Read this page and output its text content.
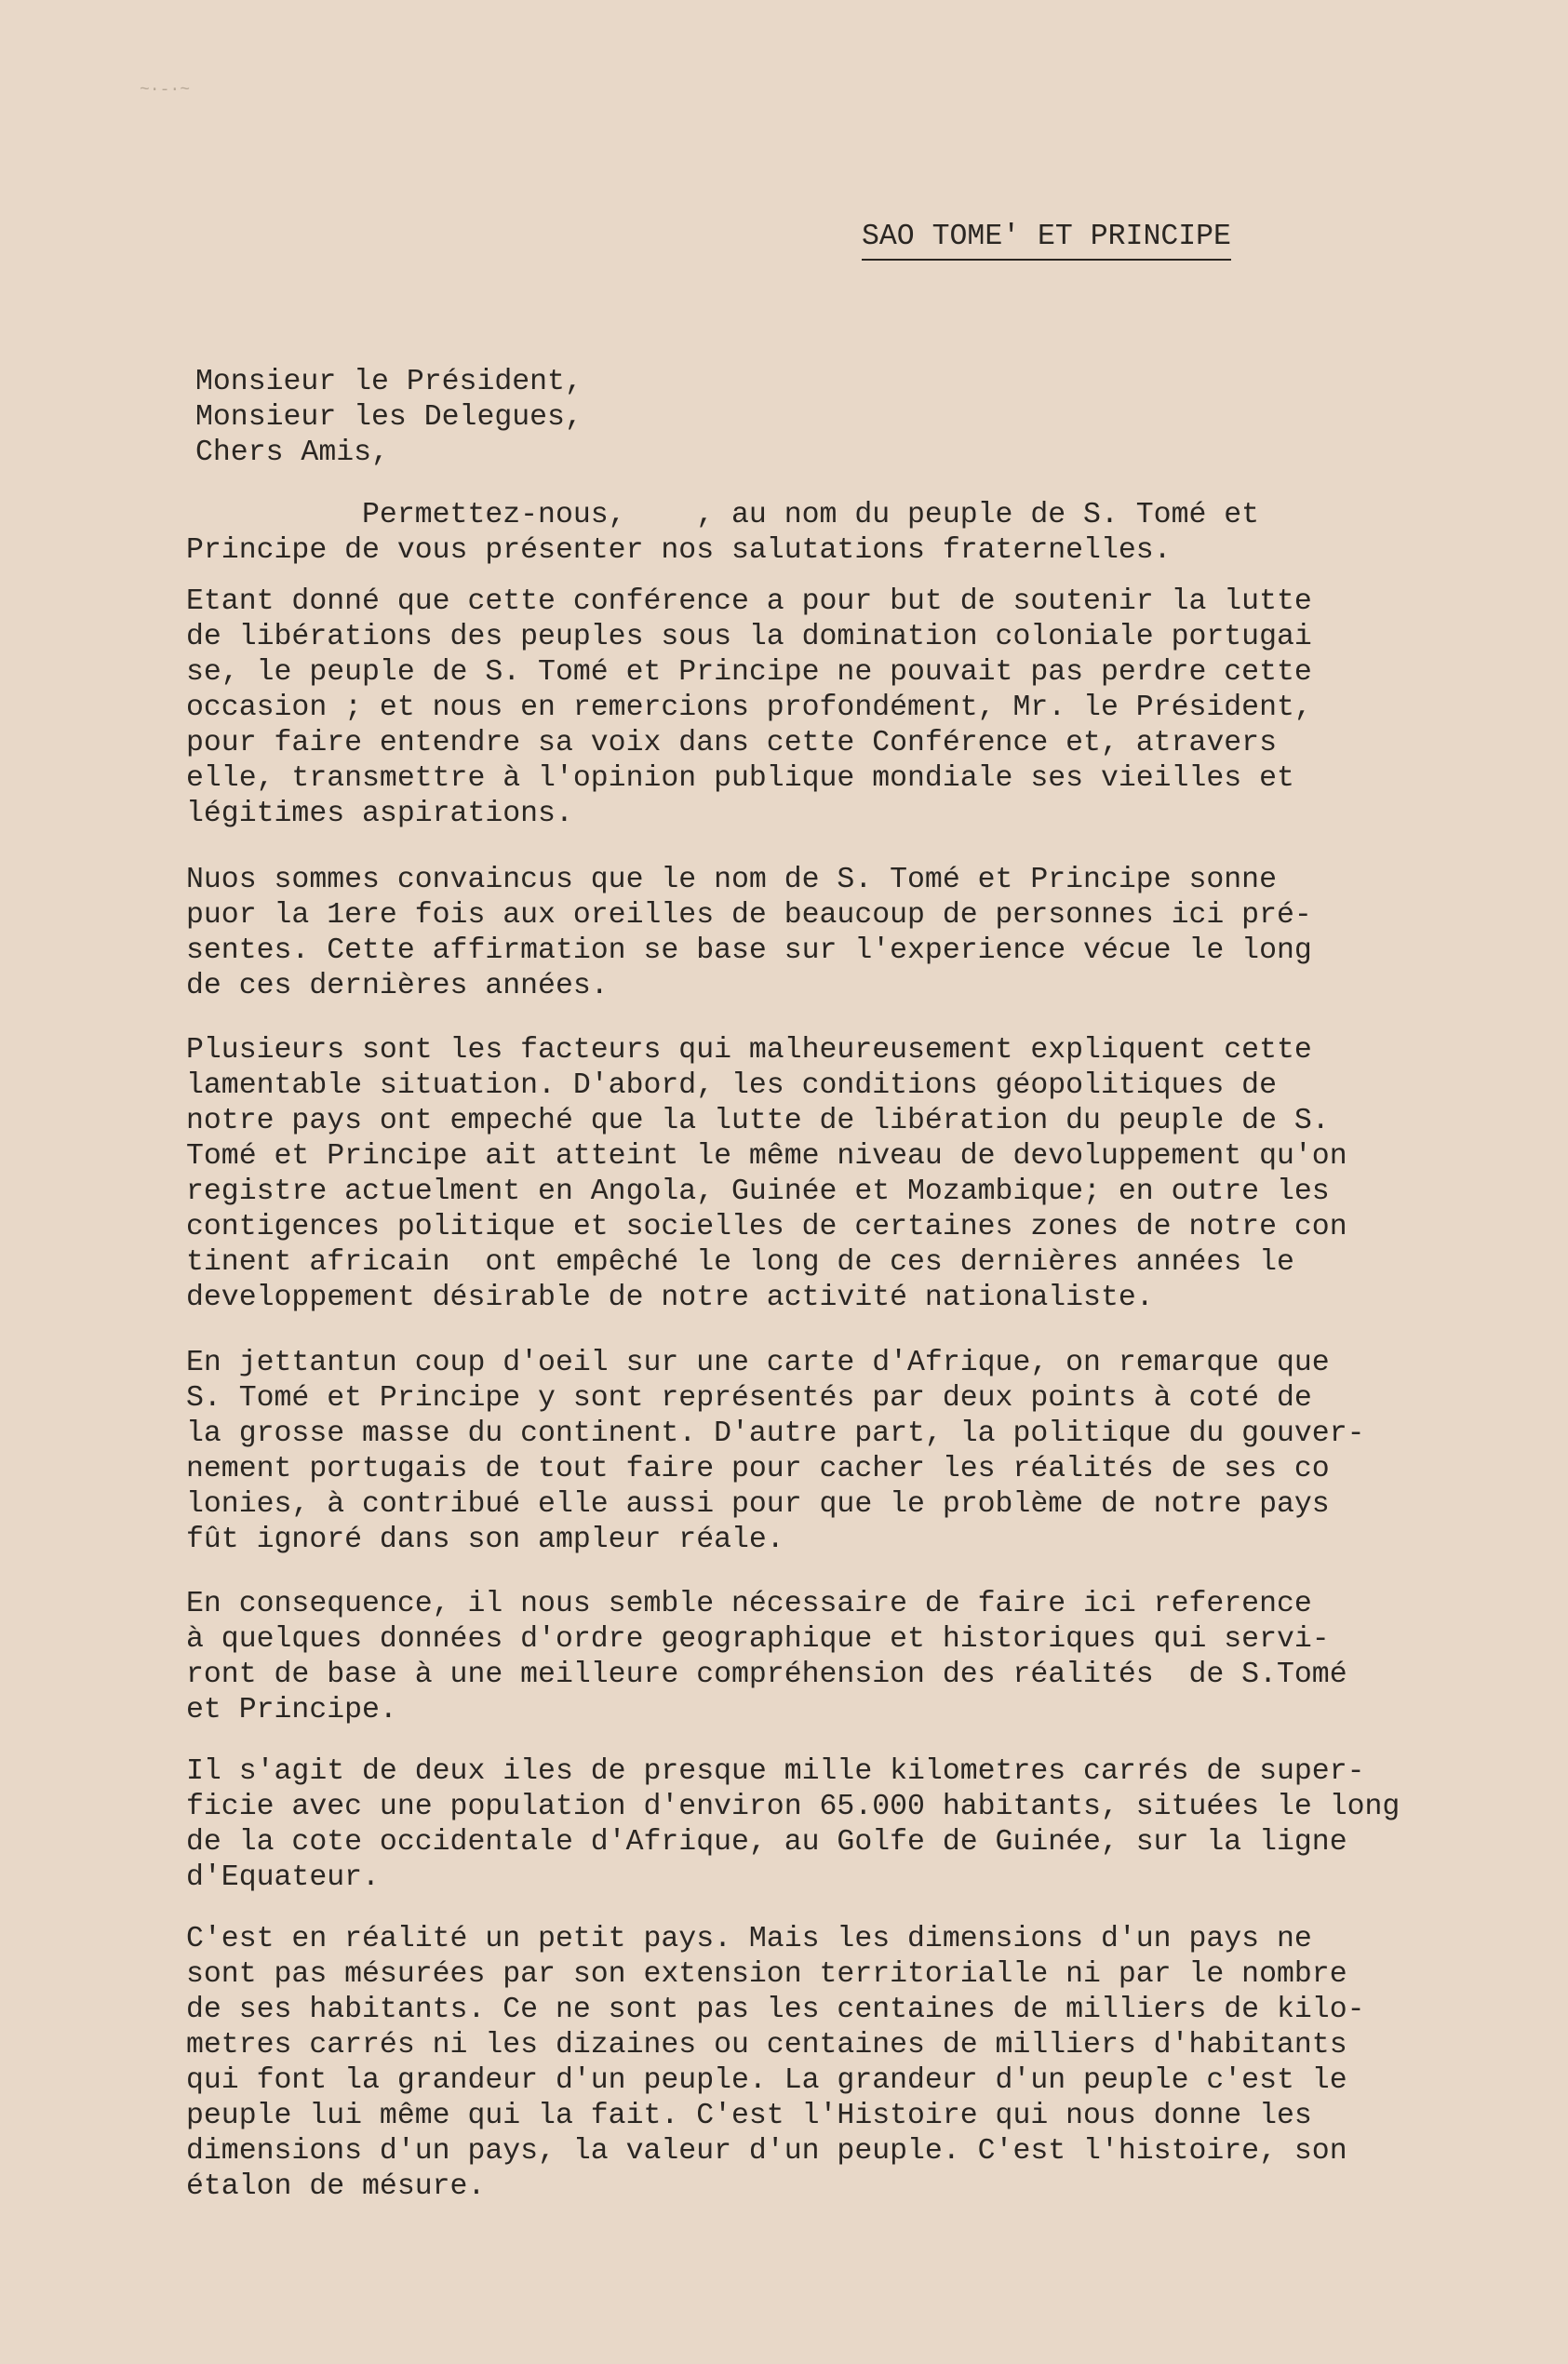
~·-·~
SAO TOME' ET PRINCIPE
Monsieur le Président,
Monsieur les Delegues,
Chers Amis,
Permettez-nous,    , au nom du peuple de S. Tomé et
Principe de vous présenter nos salutations fraternelles.
Etant donné que cette conférence a pour but de soutenir la lutte
de libérations des peuples sous la domination coloniale portugai
se, le peuple de S. Tomé et Principe ne pouvait pas perdre cette
occasion ; et nous en remercions profondément, Mr. le Président,
pour faire entendre sa voix dans cette Conférence et, atravers
elle, transmettre à l'opinion publique mondiale ses vieilles et
légitimes aspirations.
Nuos sommes convaincus que le nom de S. Tomé et Principe sonne
puor la 1ere fois aux oreilles de beaucoup de personnes ici pré-
sentes. Cette affirmation se base sur l'experience vécue le long
de ces dernières années.
Plusieurs sont les facteurs qui malheureusement expliquent cette
lamentable situation. D'abord, les conditions géopolitiques de
notre pays ont empeché que la lutte de libération du peuple de S.
Tomé et Principe ait atteint le même niveau de devoluppement qu'on
registre actuelment en Angola, Guinée et Mozambique; en outre les
contigences politique et socielles de certaines zones de notre con
tinent africain  ont empêché le long de ces dernières années le
developpement désirable de notre activité nationaliste.
En jettantun coup d'oeil sur une carte d'Afrique, on remarque que
S. Tomé et Principe y sont représentés par deux points à coté de
la grosse masse du continent. D'autre part, la politique du gouver-
nement portugais de tout faire pour cacher les réalités de ses co
lonies, à contribué elle aussi pour que le problème de notre pays
fût ignoré dans son ampleur réale.
En consequence, il nous semble nécessaire de faire ici reference
à quelques données d'ordre geographique et historiques qui servi-
ront de base à une meilleure compréhension des réalités  de S.Tomé
et Principe.
Il s'agit de deux iles de presque mille kilometres carrés de super-
ficie avec une population d'environ 65.000 habitants, situées le long
de la cote occidentale d'Afrique, au Golfe de Guinée, sur la ligne
d'Equateur.
C'est en réalité un petit pays. Mais les dimensions d'un pays ne
sont pas mésurées par son extension territorialle ni par le nombre
de ses habitants. Ce ne sont pas les centaines de milliers de kilo-
metres carrés ni les dizaines ou centaines de milliers d'habitants
qui font la grandeur d'un peuple. La grandeur d'un peuple c'est le
peuple lui même qui la fait. C'est l'Histoire qui nous donne les
dimensions d'un pays, la valeur d'un peuple. C'est l'histoire, son
étalon de mésure.
